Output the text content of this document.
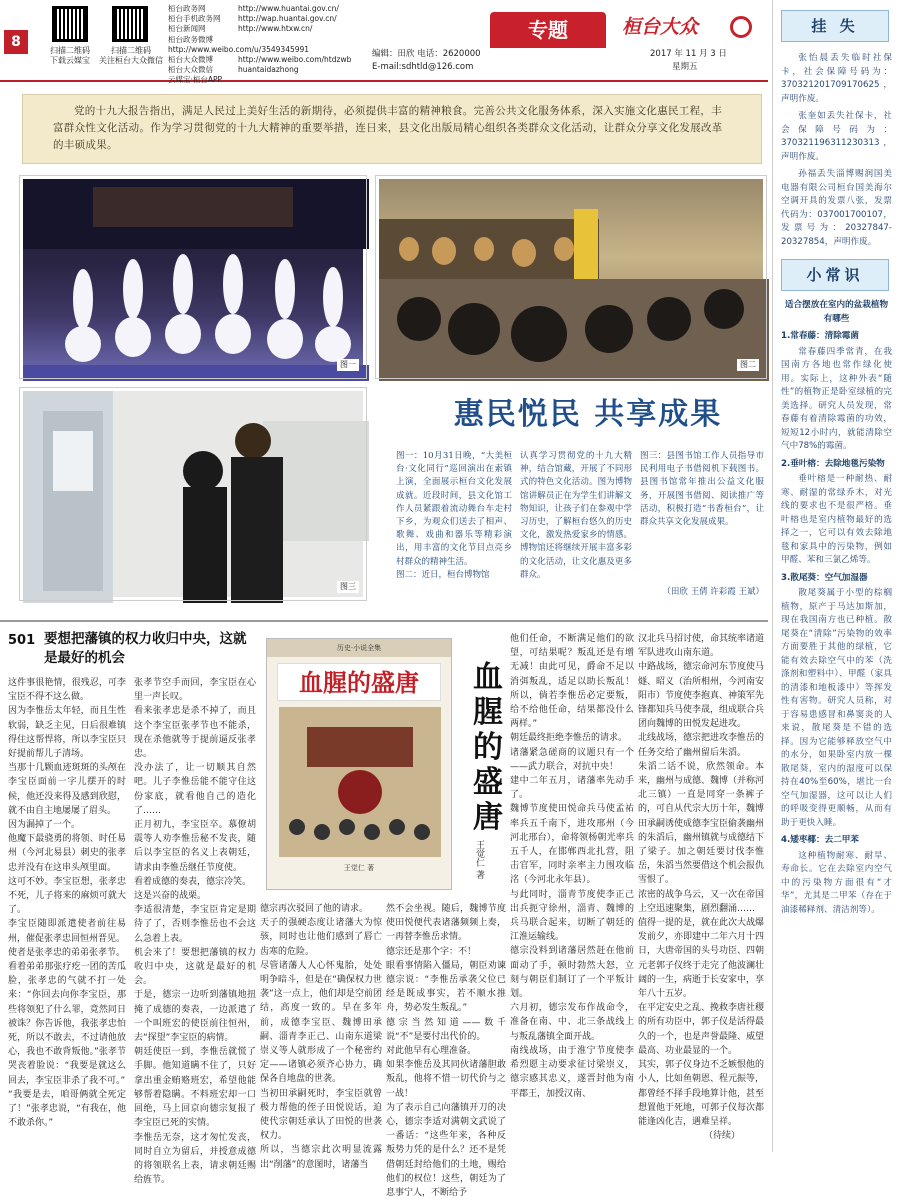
8
扫描二维码
下载云媒宝
扫描二维码
关注桓台大众微信
桓台政务网	http://www.huantai.gov.cn/
桓台手机政务网 http://wap.huantai.gov.cn/
桓台新闻网	http://www.htxw.cn/
桓台政务微博http://www.weibo.com/u/3549345991
桓台大众微博	http://www.weibo.com/htdzwb
桓台大众微信	huantaidazhong
云媒宝·桓台APP
编辑：田欣 电话：2620000
E-mail:sdhtld@126.com
专题	桓台大众
2017 年 11 月 3 日
星期五

党的十九大报告指出，满足人民过上美好生活的新期待，必须提供丰富的精神粮食。完善公共文化服务体系，深入实施文化惠民工程，丰富群众性文化活动。作为学习贯彻党的十九大精神的重要举措，连日来，县文化出版局精心组织各类群众文化活动，让群众分享文化发展改革的丰硕成果。

图一	图二
图三
惠民悦民 共享成果
图一：10月31日晚，“大美桓台·文化同行”巡回演出在索镇上演，全面展示桓台文化发展成就。近段时间，县文化馆工作人员紧跟着流动舞台车走村下乡，为观众们送去了相声、歌舞、戏曲和器乐等精彩演出，用丰富的文化节目点亮乡村群众的精神生活。
图二：近日，桓台博物馆
认真学习贯彻党的十九大精神，结合馆藏，开展了不同形式的特色文化活动。图为博物馆讲解员正在为学生们讲解文物知识，让孩子们在参观中学习历史，了解桓台悠久的历史文化，激发热爱家乡的情感。博物馆还将继续开展丰富多彩的文化活动，让文化惠及更多群众。
图三：县图书馆工作人员指导市民利用电子书借阅机下载图书。县图书馆常年推出公益文化服务，开展图书借阅、阅读推广等活动，积极打造“书香桓台”，让群众共享文化发展成果。
（田欣 王倩 许彩霞 王斌）
501 要想把藩镇的权力收归中央，这就是最好的机会
这件事很艳情，很残忍，可李宝臣不得不这么做。
因为李惟岳太年轻，而且生性软弱，缺乏主见，日后很难镇得住这帮悍将，所以李宝臣只好提前帮儿子清场。
当那十几颗血迹斑斑的头颅在李宝臣面前一字儿摆开的时候，他还没来得及感到欣慰，就不由自主地屡屡了眉头。
因为漏掉了一个。
他魔下最骁勇的将领、时任易州（今河北易县）刺史的张孝忠并没有在这串头颅里面。
这可不妙。李宝臣想，张孝忠不死，儿子将来的麻烦可就大了。
李宝臣随即派遣使者前往易州，催促张孝忠回恒州晋见。
使者是张孝忠的弟弟张孝节。
看着弟弟那张疗疙一团的苦瓜脸，张孝忠的气就不打一处来：“你回去向你李宝臣，那些将领犯了什么罪，竟然同日被诛？你告诉他，我张孝忠怕死，所以不敢去，不过请他放心，我也不敢背叛他。”张孝节哭丧着脸说：“我要是就这么回去，李宝臣非杀了我不可。”
“我要是去，咱哥俩就全死定了！”张孝忠说，“有我在，他不敢杀你。”
张孝节空手而回，李宝臣在心里一声长叹。
看来张孝忠是杀不掉了，而且这个李宝臣张孝节也不能杀，现在杀他就等于提前逼反张孝忠。
没办法了，让一切顺其自然吧。儿子李惟岳能不能守住这份家底，就看他自己的造化了……
正月初九，李宝臣卒。慕僚胡震等人劝李惟岳秘不发丧，随后以李宝臣的名义上表朝廷，请求由李惟岳继任节度使。
看着成德的奏表，德宗冷笑。
这是兴奋的战栗。
李适很清楚，李宝臣肯定是期待了了，否则李惟岳也不会这么急着上表。
机会来了！要想把藩镇的权力收归中央，这就是最好的机会。
于是，德宗一边听到藩镇地扭掩了成德的奏表，一边派遣了一个叫班宏的使臣前往恒州，去“探望”李宝臣的病情。
朝廷使臣一到，李惟岳就慌了手脚。他知道瞒不住了，只好拿出重金贿赂班宏，希望他能够帮着隐瞒。不料班宏却一口回绝，马上回京向德宗复报了李宝臣已死的实情。
李惟岳无奈，这才匆忙发丧，同时自立为留后，并授意成德的将领联名上表，请求朝廷赐给旌节。
历史·小说全集
血腥的盛唐
王觉仁 著
血腥的盛唐
王觉仁 著
德宗再次驳回了他的请求。
天子的强硬态度让诸藩大为惊骇，同时也让他们感到了唇亡齿寒的危险。
尽管诸藩人人心怀鬼胎，处处明争暗斗，但是在“确保权力世袭”这一点上，他们却是空前团结，高度一致的。早在多年前，成德李宝臣、魏博田承嗣、淄青李正己、山南东道梁崇义等人就形成了一个秘密约定——诸镇必须齐心协力，确保各自地盘的世袭。
当初田承嗣死时，李宝臣就曾极力帮他的侄子田悦说话，迫使代宗朝廷承认了田悦的世袭权力。
所以，当德宗此次明显流露出“削藩”的意图时，诸藩当
然不会坐视。随后，魏博节度使田悦便代表诸藩频频上奏，一再替李惟岳求情。
德宗还是那个字：不！
眼看事情陷入僵局，朝臣劝谏德宗说：“李惟岳承袭父位已经是既成事实，若不顺水推舟，势必发生叛乱。”
德宗当然知道——数千说“不”是要付出代价的。
对此他早有心理准备。
如果李惟岳及其同伙诸藩胆敢叛乱，他将不惜一切代价与之一战！
为了表示自己向藩镇开刀的决心，德宗李适对满朝文武说了一番话：“这些年来，各种反叛势力凭的是什么？还不是凭借朝廷封给他们的土地，赐给他们的权位！这些，朝廷为了息事宁人，不断给予
他们任命，不断满足他们的欲望，可结果呢？叛乱还是有增无减！由此可见，爵命不足以消弭叛乱，适足以助长叛乱！所以，倘若李惟岳必定要叛，给不给他任命，结果都没什么两样。”
朝廷最终拒绝李惟岳的请求。
诸藩紧急磋商的议题只有一个——武力联合，对抗中央！
建中二年五月，诸藩率先动手了。
魏博节度使田悦命兵马使孟祐率兵五千南下，进攻邢州（今河北邢台），命将领杨朝光率兵五千人，在邯郸西北扎营，阻击官军，同时亲率主力围攻临洺（今河北永年县）。
与此同时，淄青节度使李正己出兵扼守徐州，淄青、魏博的兵马联合起来，切断了朝廷的江淮运输线。
德宗没料到诸藩居然赶在他前面动了手，顿时勃然大怒，立刻与朝臣们制订了一个平叛计划。
六月初，德宗发布作战命令，准备在南、中、北三条战线上与叛乱藩镇全面开战。
南线战场，由于淮宁节度使李希烈愿主动要求征讨梁崇义，德宗感其忠义，遂晋封他为南平郡王，加授汉南、
汉北兵马招讨使，命其统率诸道军队进攻山南东道。
中路战场，德宗命河东节度使马燧、昭义（治所相州，今河南安阳市）节度使李抱真、神策军先锋都知兵马使李晟，组成联合兵团向魏博的田悦发起进攻。
北线战场，德宗把进攻李惟岳的任务交给了幽州留后朱滔。
朱滔二话不说，欣然领命。本来，幽州与成德、魏博（并称河北三镇）一直是同穿一条裤子的，可自从代宗大历十年，魏博田承嗣诱使成德李宝臣偷袭幽州的朱滔后，幽州镇就与成德结下了梁子。加之朝廷要讨伐李惟岳，朱滔当然要借这个机会报仇雪恨了。
浓密的战争乌云，又一次在帝国上空迅速聚集，剧烈翻涌……
值得一提的是，就在此次大战爆发前夕，亦即建中二年六月十四日，大唐帝国的头号功臣、四朝元老郭子仪终于走完了他波澜壮阔的一生，病逝于长安家中，享年八十五岁。
在平定安史之乱、挽救李唐社稷的所有功臣中，郭子仪是活得最久的一个，也是声誉最隆、威望最高、功业最显的一个。
其实，郭子仪身边不乏嫉恨他的小人，比如鱼朝恩、程元振等，都曾经不择手段地算计他，甚至想置他于死地，可郭子仪每次都能逢凶化吉，遇难呈祥。
（待续）
挂 失

张怡晨丢失临时社保卡，社会保障号码为：370321201709170625，声明作废。

张奎如丢失社保卡，社会保障号码为：370321196311230313，声明作废。

孙福丢失淄博赐润国美电器有限公司桓台国美海尔空调开具的发票八张，发票代码为：037001700107，发票号为：20327847-20327854，声明作废。

小常识
适合摆放在室内的盆栽植物有哪些
1.常春藤：清除霉菌

常春藤四季常青，在我国南方各地也常作绿化使用。实际上，这种外表“随性”的植物正是卧室绿植的完美选择。研究人员发现，常春藤有着清除霉菌的功效，短短12小时内，就能清除空气中78%的霉菌。

2.垂叶榕：去除地毯污染物

垂叶榕是一种耐热、耐寒、耐湿的常绿乔木，对光线的要求也不是很严格。垂叶榕也是室内植物最好的选择之一，它可以有效去除地毯和家具中的污染物，例如甲醛、苯和三氯乙烯等。

3.散尾葵：空气加湿器

散尾葵属于小型的棕榈植物，原产于马达加斯加，现在我国南方也已种植。散尾葵在“清除”污染物的效率方面要胜于其他的绿植，它能有效去除空气中的苯（洗涤剂和塑料中）、甲醛（家具的清漆和地板漆中）等挥发性有害物。研究人员称，对于容易患感冒和鼻窦炎的人来说，散尾葵是不错的选择。因为它能够释放空气中的水分，如果卧室内放一棵散尾葵，室内的湿度可以保持在40%至60%，堪比一台空气加湿器，这可以让人们的呼吸变得更顺畅，从而有助于更快入睡。

4.矮枣椰：去二甲苯

这种植物耐寒、耐旱、寿命长。它在去除室内空气中的污染物方面很有“才华”，尤其是二甲苯（存在于油漆稀释剂、清洁剂等）。
